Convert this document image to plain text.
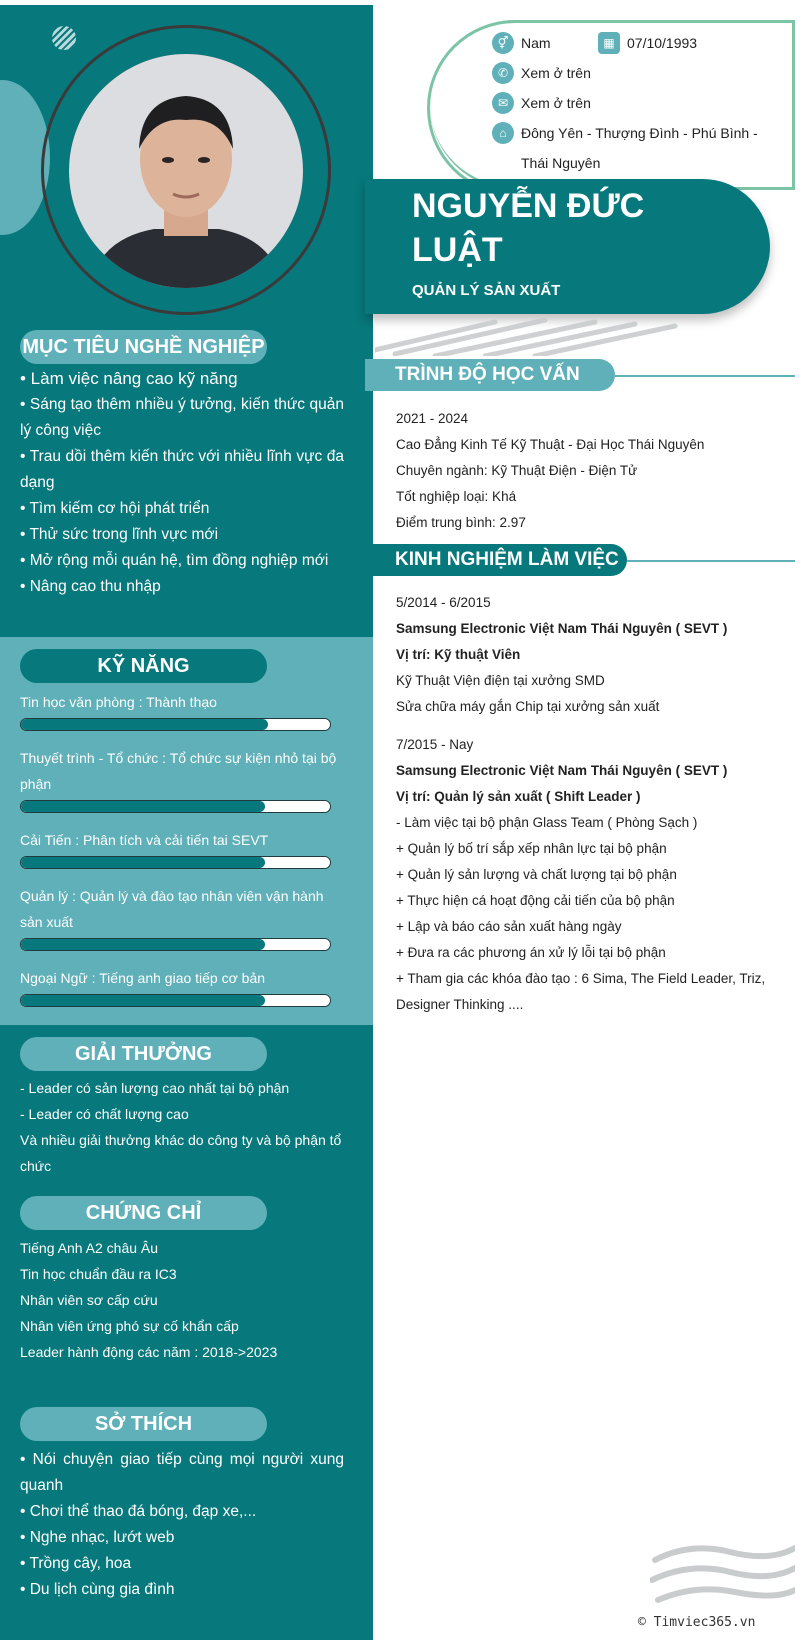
MỤC TIÊU NGHỀ NGHIỆP

• Làm việc nâng cao kỹ năng

• Sáng tạo thêm nhiều ý tưởng, kiến thức quản lý công việc

• Trau dồi thêm kiến thức với nhiều lĩnh vực đa dạng

• Tìm kiếm cơ hội phát triển

• Thử sức trong lĩnh vực mới

• Mở rộng mỗi quán hệ, tìm đồng nghiệp mới

• Nâng cao thu nhập

KỸ NĂNG
Tin học văn phòng : Thành thạo
Thuyết trình - Tổ chức : Tổ chức sự kiện nhỏ tại bộ phận
Cải Tiến : Phân tích và cải tiến tai SEVT
Quản lý : Quản lý và đào tạo nhân viên vận hành sản xuất
Ngoại Ngữ : Tiếng anh giao tiếp cơ bản
GIẢI THƯỞNG

- Leader có sản lượng cao nhất tại bộ phận

- Leader có chất lượng cao

Và nhiều giải thưởng khác do công ty và bộ phận tổ chức

CHỨNG CHỈ

Tiếng Anh A2 châu Âu

Tin học chuẩn đầu ra IC3

Nhân viên sơ cấp cứu

Nhân viên ứng phó sự cố khẩn cấp

Leader hành động các năm : 2018->2023

SỞ THÍCH

• Nói chuyện giao tiếp cùng mọi người xung quanh

• Chơi thể thao đá bóng, đạp xe,...

• Nghe nhạc, lướt web

• Trồng cây, hoa

• Du lịch cùng gia đình

⚥ Nam	▦ 07/10/1993
✆ Xem ở trên
✉ Xem ở trên
⌂	Đông Yên - Thượng Đình - Phú Bình -
Thái Nguyên
NGUYỄN ĐỨC
LUẬT
QUẢN LÝ SẢN XUẤT
TRÌNH ĐỘ HỌC VẤN

2021 - 2024

Cao Đẳng Kinh Tế Kỹ Thuật - Đại Học Thái Nguyên

Chuyên ngành: Kỹ Thuật Điện - Điện Tử

Tốt nghiệp loại: Khá

Điểm trung bình: 2.97

KINH NGHIỆM LÀM VIỆC

5/2014 - 6/2015

Samsung Electronic Việt Nam Thái Nguyên ( SEVT )

Vị trí: Kỹ thuật Viên

Kỹ Thuật Viện điện tại xưởng SMD

Sửa chữa máy gắn Chip tại xưởng sản xuất

7/2015 - Nay

Samsung Electronic Việt Nam Thái Nguyên ( SEVT )

Vị trí: Quản lý sản xuất ( Shift Leader )

- Làm việc tại bộ phận Glass Team ( Phòng Sạch )

+ Quản lý bố trí sắp xếp nhân lực tại bộ phận

+ Quản lý sản lượng và chất lượng tại bộ phận

+ Thực hiện cá hoạt động cải tiến của bộ phận

+ Lập và báo cáo sản xuất hàng ngày

+ Đưa ra các phương án xử lý lỗi tại bộ phận

+ Tham gia các khóa đào tạo : 6 Sima, The Field Leader, Triz, Designer Thinking ....

© Timviec365.vn
